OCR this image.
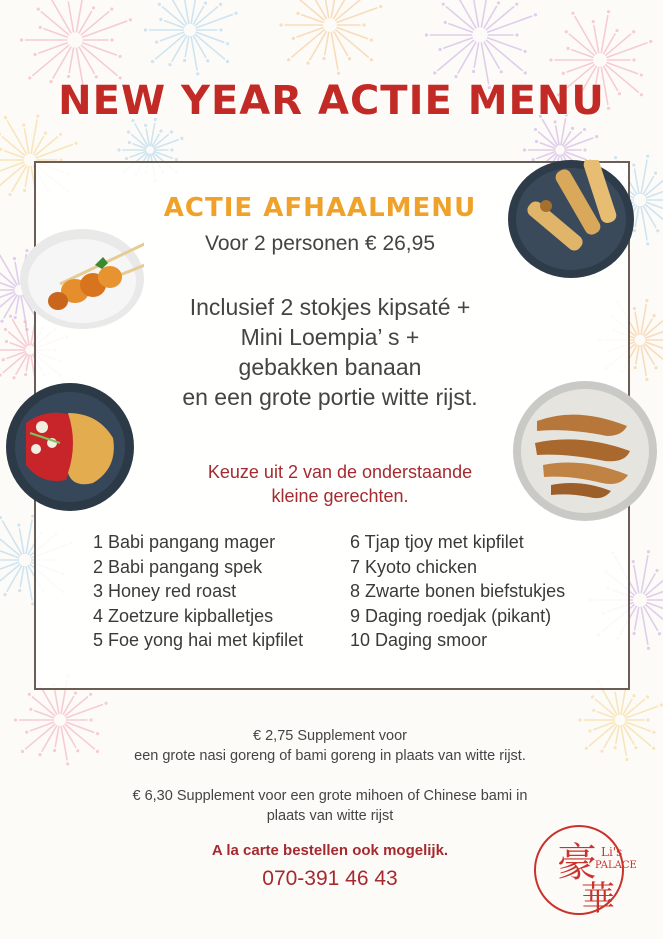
NEW YEAR ACTIE MENU
ACTIE AFHAALMENU
Voor 2 personen € 26,95
Inclusief 2 stokjes kipsaté +
Mini Loempia’ s +
gebakken banaan
en een grote portie witte rijst.
Keuze uit 2 van de onderstaande
kleine gerechten.
1 Babi pangang mager
2 Babi pangang spek
3 Honey red roast
4 Zoetzure kipballetjes
5 Foe yong hai met kipfilet
6 Tjap tjoy met kipfilet
7 Kyoto chicken
8 Zwarte bonen biefstukjes
9 Daging roedjak (pikant)
10 Daging smoor
€ 2,75 Supplement voor
een grote nasi goreng of bami goreng in plaats van witte rijst.
€ 6,30 Supplement voor een grote mihoen of Chinese bami in
plaats van witte rijst
A la carte bestellen ook mogelijk.
070-391 46 43	豪
華
Li's
PALACE
